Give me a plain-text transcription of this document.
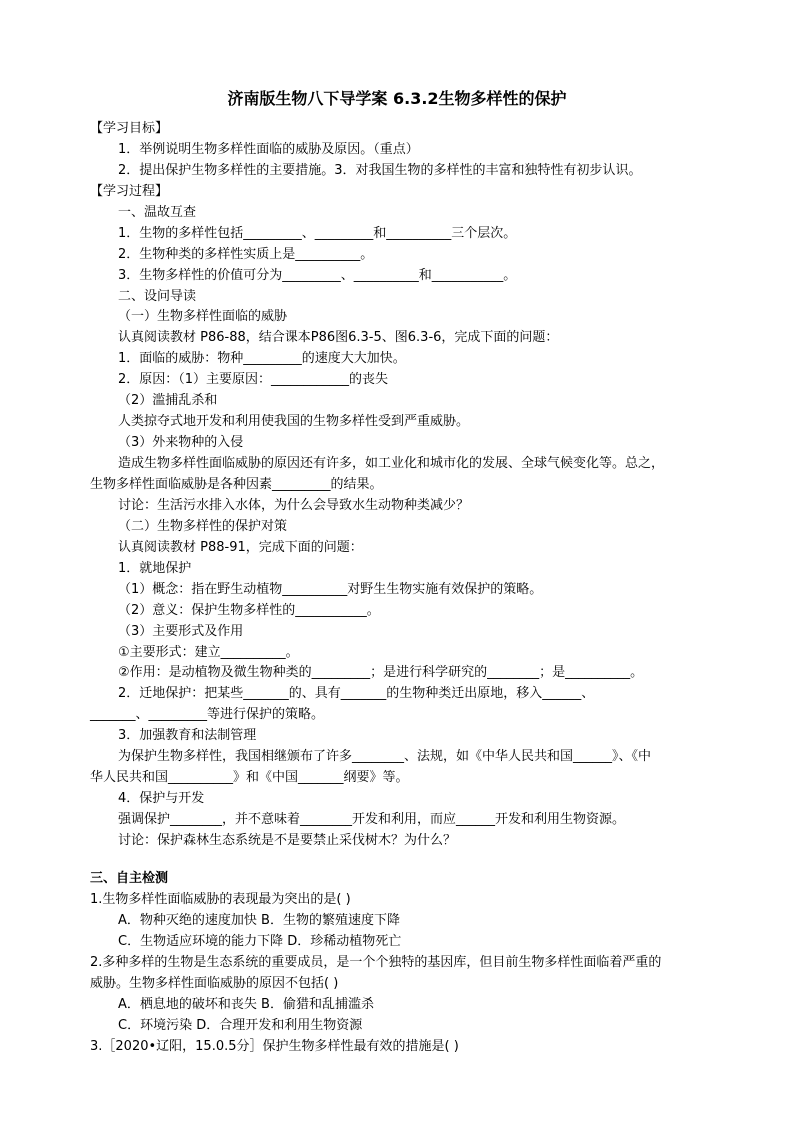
济南版生物八下导学案 6.3.2生物多样性的保护
【学习目标】
1．举例说明生物多样性面临的威胁及原因。（重点）
2．提出保护生物多样性的主要措施。3．对我国生物的多样性的丰富和独特性有初步认识。
【学习过程】
一、温故互查
1．生物的多样性包括_________、_________和__________三个层次。
2．生物种类的多样性实质上是__________。
3．生物多样性的价值可分为_________、__________和___________。
二、设问导读
（一）生物多样性面临的威胁
认真阅读教材 P86-88，结合课本P86图6.3-5、图6.3-6，完成下面的问题：
1．面临的威胁：物种_________的速度大大加快。
2．原因：（1）主要原因：____________的丧失
（2）滥捕乱杀和
人类掠夺式地开发和利用使我国的生物多样性受到严重威胁。
（3）外来物种的入侵
造成生物多样性面临威胁的原因还有许多，如工业化和城市化的发展、全球气候变化等。总之，
生物多样性面临威胁是各种因素_________的结果。
讨论：生活污水排入水体，为什么会导致水生动物种类减少？
（二）生物多样性的保护对策
认真阅读教材 P88-91，完成下面的问题：
1．就地保护
（1）概念：指在野生动植物__________对野生生物实施有效保护的策略。
（2）意义：保护生物多样性的___________。
（3）主要形式及作用
①主要形式：建立__________。
②作用：是动植物及微生物种类的_________；是进行科学研究的________；是__________。
2．迁地保护：把某些_______的、具有_______的生物种类迁出原地，移入______、
_______、_________等进行保护的策略。
3．加强教育和法制管理
为保护生物多样性，我国相继颁布了许多________、法规，如《中华人民共和国______》、《中
华人民共和国__________》和《中国_______纲要》等。
4．保护与开发
强调保护________，并不意味着________开发和利用，而应______开发和利用生物资源。
讨论：保护森林生态系统是不是要禁止采伐树木？为什么？
三、自主检测
1.生物多样性面临威胁的表现最为突出的是( )
A．物种灭绝的速度加快 B．生物的繁殖速度下降
C．生物适应环境的能力下降 D．珍稀动植物死亡
2.多种多样的生物是生态系统的重要成员，是一个个独特的基因库，但目前生物多样性面临着严重的
威胁。生物多样性面临威胁的原因不包括( )
A．栖息地的破坏和丧失 B．偷猎和乱捕滥杀
C．环境污染 D．合理开发和利用生物资源
3.［2020•辽阳，15.0.5分］保护生物多样性最有效的措施是( )
